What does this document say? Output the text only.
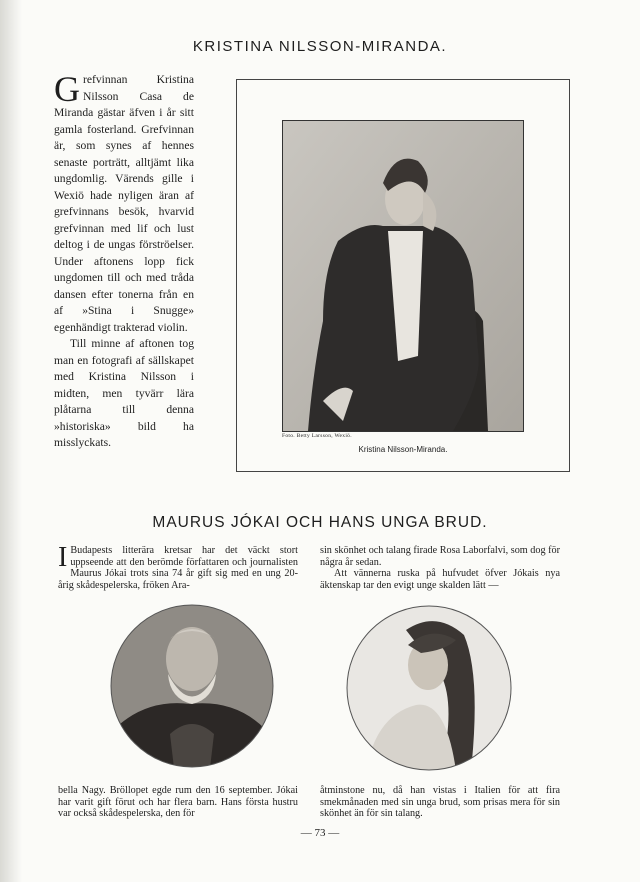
KRISTINA NILSSON-MIRANDA.
G refvinnan Kristina Nilsson Casa de Miranda gästar äfven i år sitt gamla fosterland. Grefvinnan är, som synes af hennes senaste porträtt, alltjämt lika ungdomlig. Värends gille i Wexiö hade nyligen äran af grefvinnans besök, hvarvid grefvinnan med lif och lust deltog i de ungas förströelser. Under aftonens lopp fick ungdomen till och med tråda dansen efter tonerna från en af »Stina i Snugge» egenhändigt trakterad violin.

Till minne af aftonen tog man en fotografi af sällskapet med Kristina Nilsson i midten, men tyvärr lära plåtarna till denna »historiska» bild ha misslyckats.	Foto. Betty Larsson, Wexiö.
Kristina Nilsson-Miranda.
MAURUS JÓKAI OCH HANS UNGA BRUD.
I Budapests litterära kretsar har det väckt stort uppseende att den berömde författaren och journalisten Maurus Jókai trots sina 74 år gift sig med en ung 20-årig skådespelerska, fröken Ara-

sin skönhet och talang firade Rosa Laborfalvi, som dog för några år sedan.

Att vännerna ruska på hufvudet öfver Jókais nya äktenskap tar den evigt unge skalden lätt —

bella Nagy. Bröllopet egde rum den 16 september. Jókai har varit gift förut och har flera barn. Hans första hustru var också skådespelerska, den för

åtminstone nu, då han vistas i Italien för att fira smekmånaden med sin unga brud, som prisas mera för sin skönhet än för sin talang.

— 73 —
